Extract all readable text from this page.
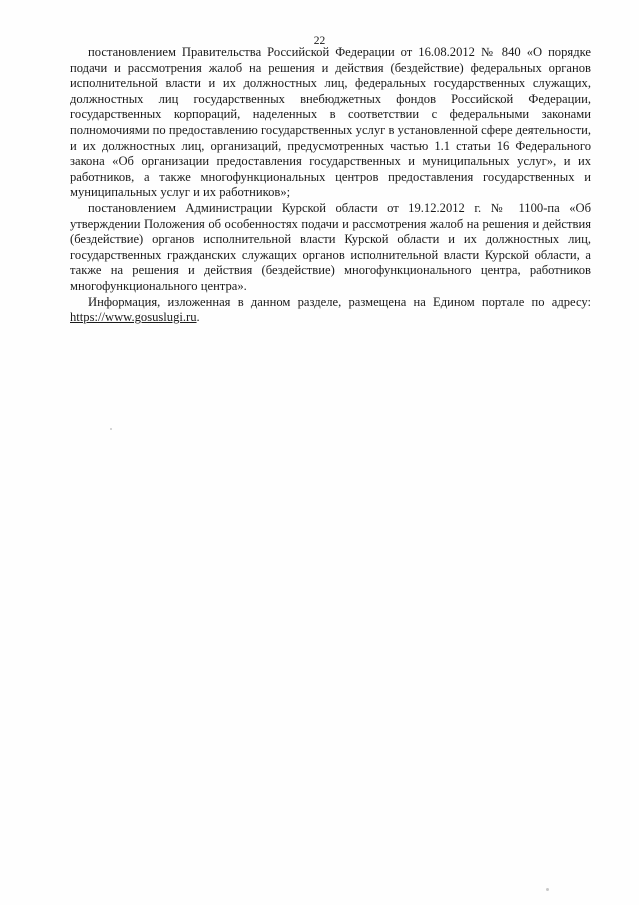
22

постановлением Правительства Российской Федерации от 16.08.2012 № 840 «О порядке подачи и рассмотрения жалоб на решения и действия (бездействие) федеральных органов исполнительной власти и их должностных лиц, федеральных государственных служащих, должностных лиц государственных внебюджетных фондов Российской Федерации, государственных корпораций, наделенных в соответствии с федеральными законами полномочиями по предоставлению государственных услуг в установленной сфере деятельности, и их должностных лиц, организаций, предусмотренных частью 1.1 статьи 16 Федерального закона «Об организации предоставления государственных и муниципальных услуг», и их работников, а также многофункциональных центров предоставления государственных и муниципальных услуг и их работников»;

постановлением Администрации Курской области от 19.12.2012 г. № 1100-па «Об утверждении Положения об особенностях подачи и рассмотрения жалоб на решения и действия (бездействие) органов исполнительной власти Курской области и их должностных лиц, государственных гражданских служащих органов исполнительной власти Курской области, а также на решения и действия (бездействие) многофункционального центра, работников многофункционального центра».

Информация, изложенная в данном разделе, размещена на Едином портале по адресу: https://www.gosuslugi.ru.
